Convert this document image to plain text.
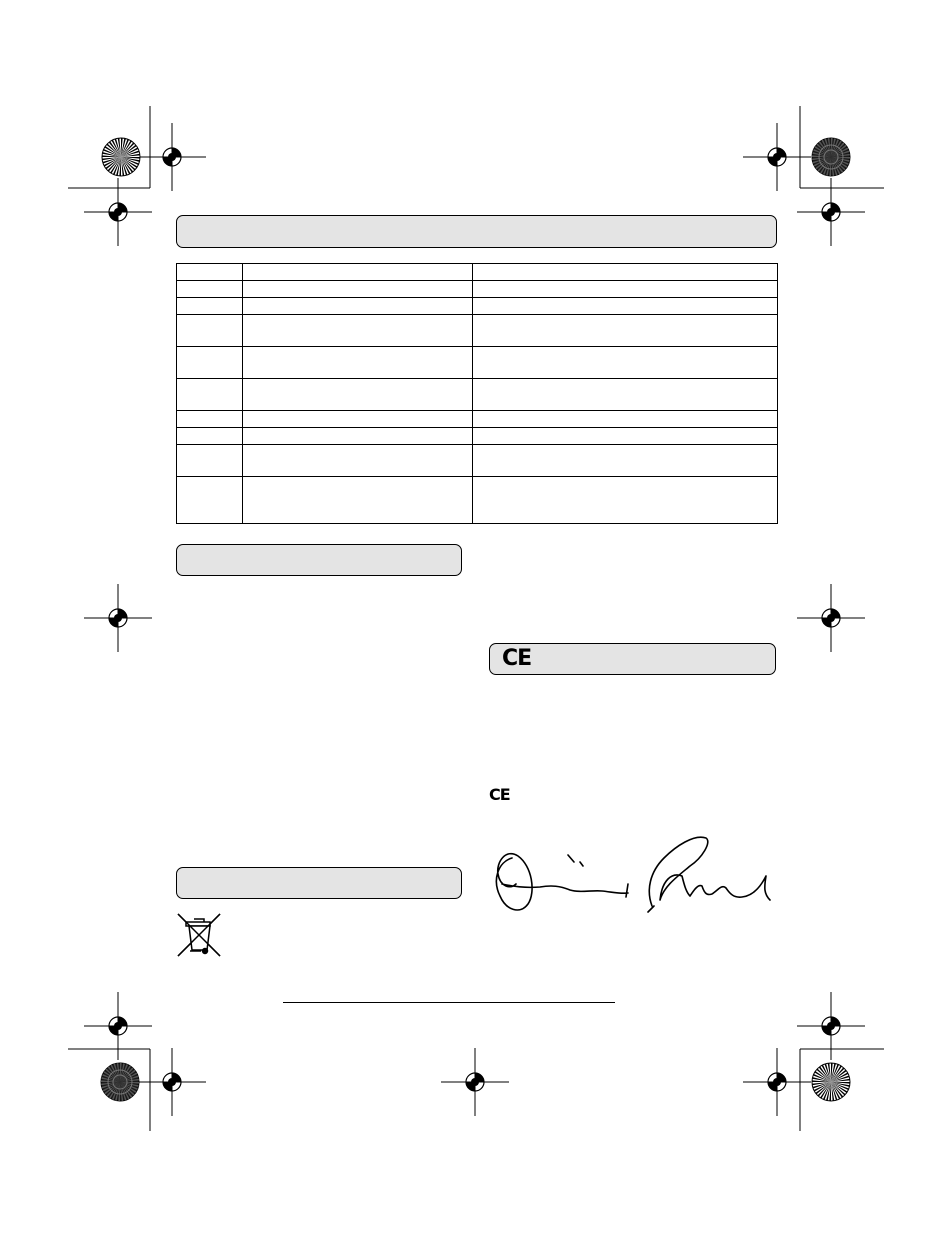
CE

CE
